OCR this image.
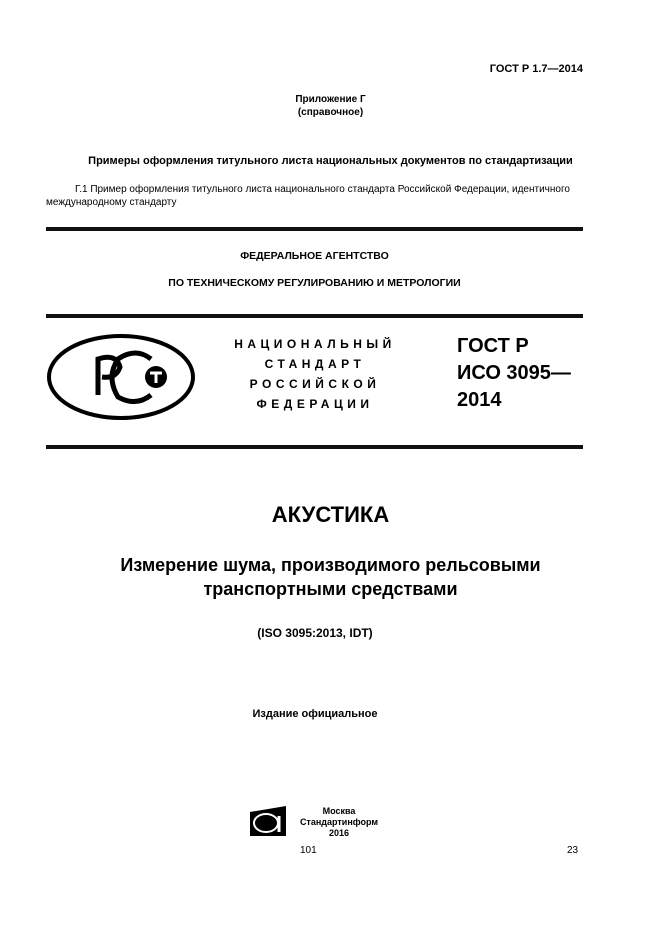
ГОСТ Р 1.7—2014
Приложение Г
(справочное)
Примеры оформления титульного листа национальных документов по стандартизации
Г.1 Пример оформления титульного листа национального стандарта Российской Федерации, идентичного
международному стандарту
ФЕДЕРАЛЬНОЕ АГЕНТСТВО
ПО ТЕХНИЧЕСКОМУ РЕГУЛИРОВАНИЮ И МЕТРОЛОГИИ
НАЦИОНАЛЬНЫЙ
СТАНДАРТ
РОССИЙСКОЙ
ФЕДЕРАЦИИ
ГОСТ Р
ИСО 3095—
2014
АКУСТИКА
Измерение шума, производимого рельсовыми
транспортными средствами
(ISO 3095:2013, IDT)
Издание официальное
Москва
Стандартинформ
2016
101	23
